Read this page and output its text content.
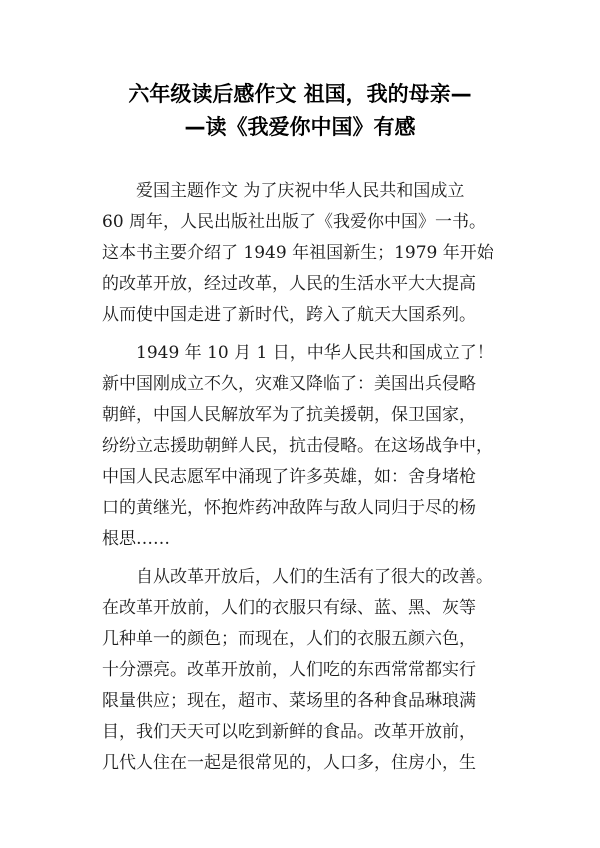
六年级读后感作文 祖国，我的母亲—
—读《我爱你中国》有感
爱国主题作文 为了庆祝中华人民共和国成立
60 周年，人民出版社出版了《我爱你中国》一书。
这本书主要介绍了 1949 年祖国新生；1979 年开始
的改革开放，经过改革，人民的生活水平大大提高
从而使中国走进了新时代，跨入了航天大国系列。
1949 年 10 月 1 日，中华人民共和国成立了！
新中国刚成立不久，灾难又降临了：美国出兵侵略
朝鲜，中国人民解放军为了抗美援朝，保卫国家，
纷纷立志援助朝鲜人民，抗击侵略。在这场战争中，
中国人民志愿军中涌现了许多英雄，如：舍身堵枪
口的黄继光，怀抱炸药冲敌阵与敌人同归于尽的杨
根思……
自从改革开放后，人们的生活有了很大的改善。
在改革开放前，人们的衣服只有绿、蓝、黑、灰等
几种单一的颜色；而现在，人们的衣服五颜六色，
十分漂亮。改革开放前，人们吃的东西常常都实行
限量供应；现在，超市、菜场里的各种食品琳琅满
目，我们天天可以吃到新鲜的食品。改革开放前，
几代人住在一起是很常见的，人口多，住房小，生
